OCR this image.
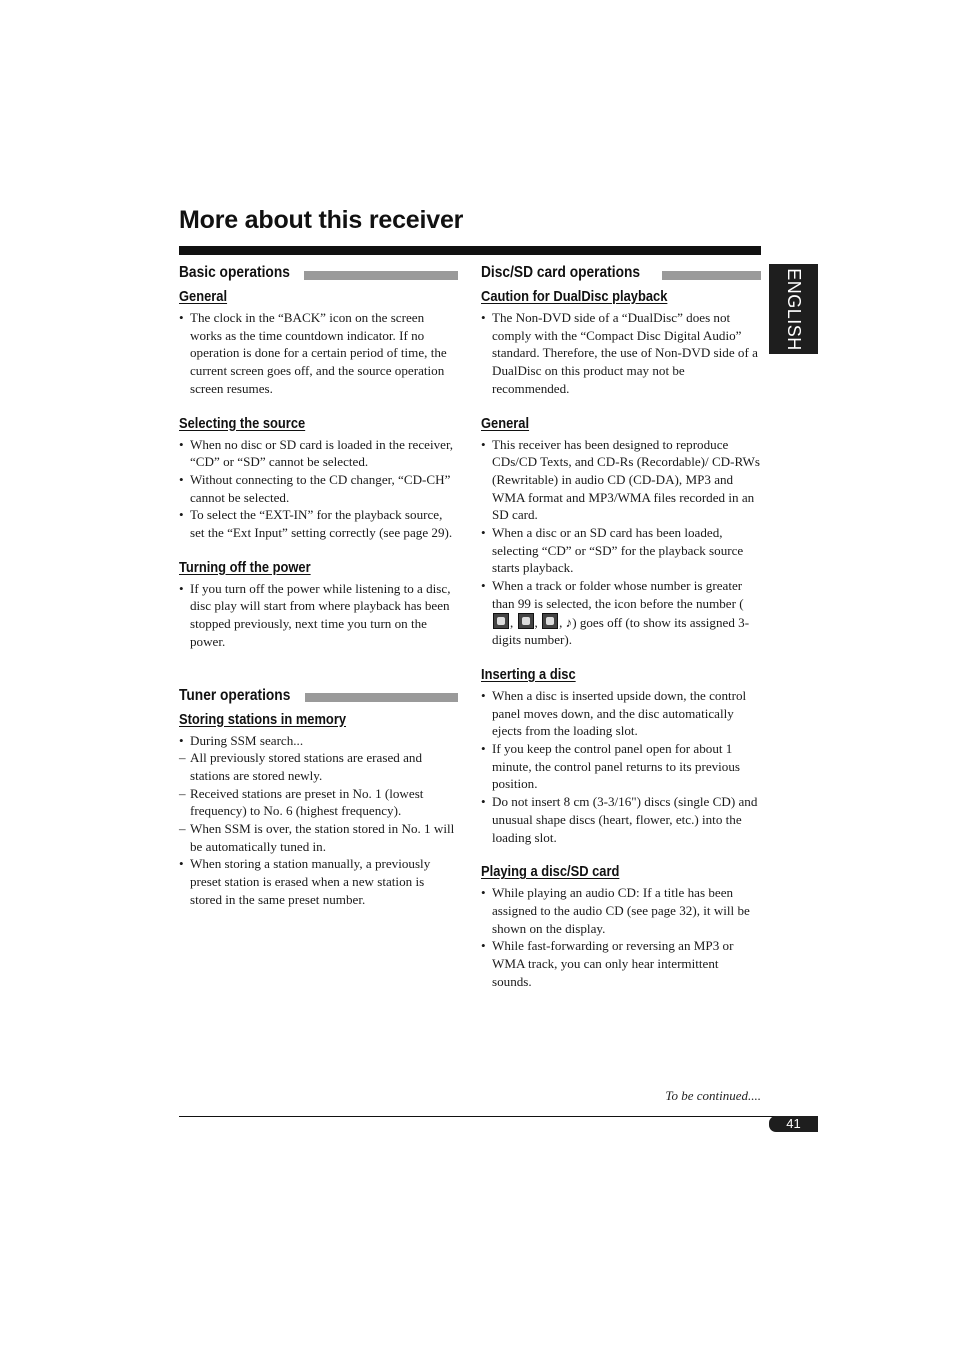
More about this receiver
ENGLISH
Basic operations
General
• The clock in the “BACK” icon on the screen works as the time countdown indicator. If no operation is done for a certain period of time, the current screen goes off, and the source operation screen resumes.
Selecting the source
• When no disc or SD card is loaded in the receiver, “CD” or “SD” cannot be selected.
• Without connecting to the CD changer, “CD-CH” cannot be selected.
• To select the “EXT-IN” for the playback source, set the “Ext Input” setting correctly (see page 29).
Turning off the power
• If you turn off the power while listening to a disc, disc play will start from where playback has been stopped previously, next time you turn on the power.
Tuner operations
Storing stations in memory
• During SSM search...
– All previously stored stations are erased and stations are stored newly.
– Received stations are preset in No. 1 (lowest frequency) to No. 6 (highest frequency).
– When SSM is over, the station stored in No. 1 will be automatically tuned in.
• When storing a station manually, a previously preset station is erased when a new station is stored in the same preset number.
Disc/SD card operations
Caution for DualDisc playback
• The Non-DVD side of a “DualDisc” does not comply with the “Compact Disc Digital Audio” standard. Therefore, the use of Non-DVD side of a DualDisc on this product may not be recommended.
General
• This receiver has been designed to reproduce CDs/CD Texts, and CD-Rs (Recordable)/ CD-RWs (Rewritable) in audio CD (CD-DA), MP3 and WMA format and MP3/WMA files recorded in an SD card.
• When a disc or an SD card has been loaded, selecting “CD” or “SD” for the playback source starts playback.
• When a track or folder whose number is greater than 99 is selected, the icon before the number (
,
,
, ♪) goes off (to show its assigned 3-digits number).
Inserting a disc
• When a disc is inserted upside down, the control panel moves down, and the disc automatically ejects from the loading slot.
• If you keep the control panel open for about 1 minute, the control panel returns to its previous position.
• Do not insert 8 cm (3-3/16") discs (single CD) and unusual shape discs (heart, flower, etc.) into the loading slot.
Playing a disc/SD card
• While playing an audio CD: If a title has been assigned to the audio CD (see page 32), it will be shown on the display.
• While fast-forwarding or reversing an MP3 or WMA track, you can only hear intermittent sounds.
To be continued....
41
